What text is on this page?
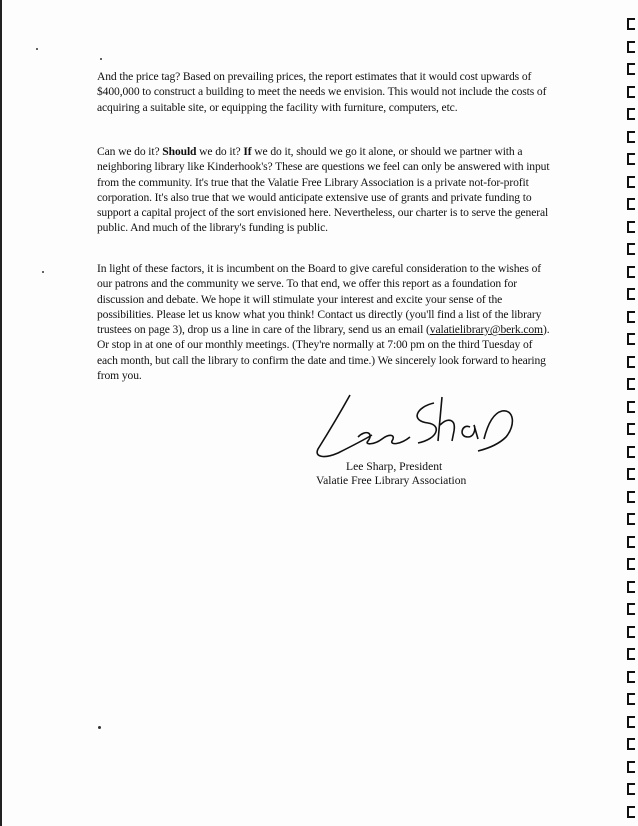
And the price tag? Based on prevailing prices, the report estimates that it would cost upwards of $400,000 to construct a building to meet the needs we envision. This would not include the costs of acquiring a suitable site, or equipping the facility with furniture, computers, etc.

Can we do it? Should we do it? If we do it, should we go it alone, or should we partner with a neighboring library like Kinderhook's? These are questions we feel can only be answered with input from the community. It's true that the Valatie Free Library Association is a private not-for-profit corporation. It's also true that we would anticipate extensive use of grants and private funding to support a capital project of the sort envisioned here. Nevertheless, our charter is to serve the general public. And much of the library's funding is public.

In light of these factors, it is incumbent on the Board to give careful consideration to the wishes of our patrons and the community we serve. To that end, we offer this report as a foundation for discussion and debate. We hope it will stimulate your interest and excite your sense of the possibilities. Please let us know what you think! Contact us directly (you'll find a list of the library trustees on page 3), drop us a line in care of the library, send us an email (valatielibrary@berk.com). Or stop in at one of our monthly meetings. (They're normally at 7:00 pm on the third Tuesday of each month, but call the library to confirm the date and time.) We sincerely look forward to hearing from you.

Lee Sharp, President
Valatie Free Library Association
